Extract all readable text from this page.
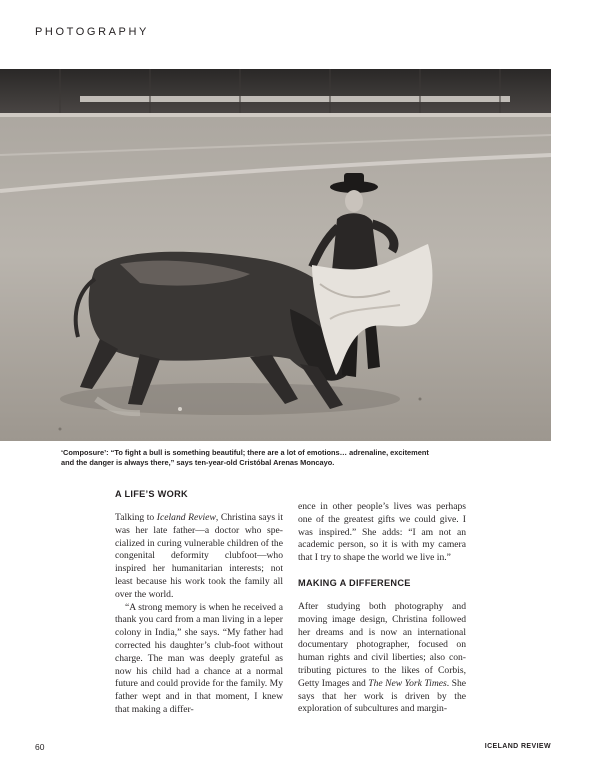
PHOTOGRAPHY
‘Composure’: “To fight a bull is something beautiful; there are a lot of emotions… adrenaline, excitement
and the danger is always there,” says ten-year-old Cristóbal Arenas Moncayo.
A LIFE’S WORK

Talking to Iceland Review, Christina says it was her late father—a doctor who spe-cialized in curing vulnerable children of the congenital deformity clubfoot—who inspired her humanitarian interests; not least because his work took the family all over the world.

“A strong memory is when he received a thank you card from a man living in a leper colony in India,” she says. “My father had corrected his daughter’s club-foot without charge. The man was deeply grateful as now his child had a chance at a normal future and could provide for the family. My father wept and in that moment, I knew that making a differ-

ence in other people’s lives was perhaps one of the greatest gifts we could give. I was inspired.” She adds: “I am not an academic person, so it is with my camera that I try to shape the world we live in.”

MAKING A DIFFERENCE

After studying both photography and moving image design, Christina followed her dreams and is now an international documentary photographer, focused on human rights and civil liberties; also con-tributing pictures to the likes of Corbis, Getty Images and The New York Times. She says that her work is driven by the exploration of subcultures and margin-

60	ICELAND REVIEW
